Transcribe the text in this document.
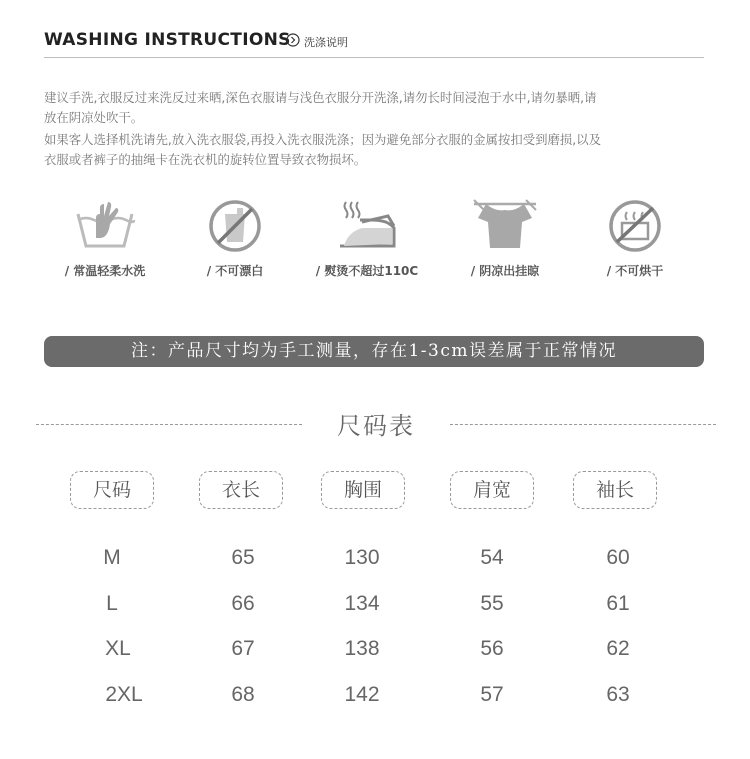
WASHING INSTRUCTIONS 洗涤说明

建议手洗,衣服反过来洗反过来晒,深色衣服请与浅色衣服分开洗涤,请勿长时间浸泡于水中,请勿暴晒,请

放在阴凉处吹干。

如果客人选择机洗请先,放入洗衣服袋,再投入洗衣服洗涤；因为避免部分衣服的金属按扣受到磨损,以及

衣服或者裤子的抽绳卡在洗衣机的旋转位置导致衣物损坏。

/ 常温轻柔水洗	/ 不可漂白	/ 熨烫不超过110C	/ 阴凉出挂晾	/ 不可烘干
注：产品尺寸均为手工测量，存在1-3cm误差属于正常情况
尺码表
尺码	衣长	胸围	肩宽	袖长
M	65	130	54	60
L	66	134	55	61
XL	67	138	56	62
2XL	68	142	57	63
